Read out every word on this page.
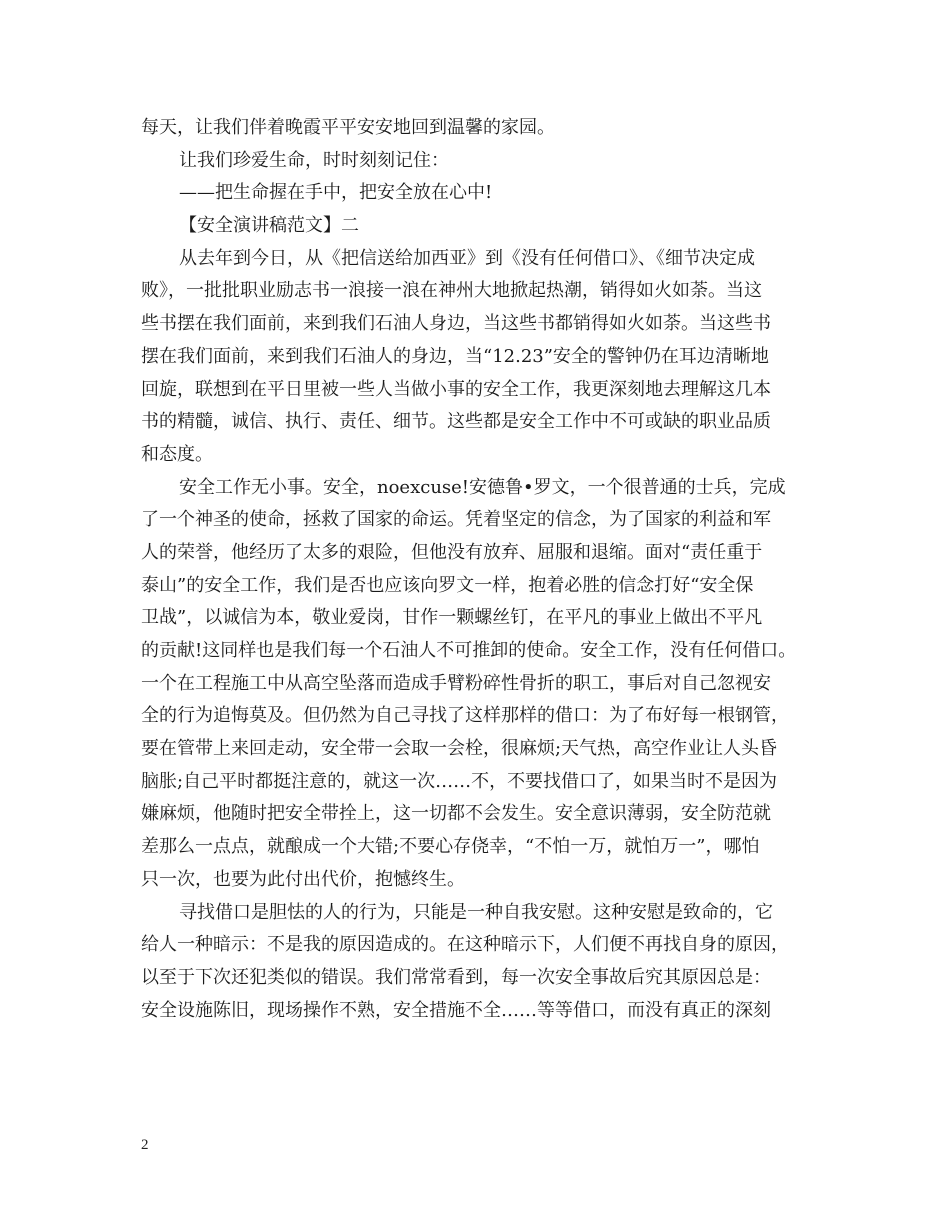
每天，让我们伴着晚霞平平安安地回到温馨的家园。
让我们珍爱生命，时时刻刻记住：
——把生命握在手中，把安全放在心中!
【安全演讲稿范文】二
从去年到今日，从《把信送给加西亚》到《没有任何借口》、《细节决定成
败》，一批批职业励志书一浪接一浪在神州大地掀起热潮，销得如火如荼。当这
些书摆在我们面前，来到我们石油人身边，当这些书都销得如火如荼。当这些书
摆在我们面前，来到我们石油人的身边，当“12.23”安全的警钟仍在耳边清晰地
回旋，联想到在平日里被一些人当做小事的安全工作，我更深刻地去理解这几本
书的精髓，诚信、执行、责任、细节。这些都是安全工作中不可或缺的职业品质
和态度。
安全工作无小事。安全，noexcuse!安德鲁•罗文，一个很普通的士兵，完成
了一个神圣的使命，拯救了国家的命运。凭着坚定的信念，为了国家的利益和军
人的荣誉，他经历了太多的艰险，但他没有放弃、屈服和退缩。面对“责任重于
泰山”的安全工作，我们是否也应该向罗文一样，抱着必胜的信念打好“安全保
卫战”，以诚信为本，敬业爱岗，甘作一颗螺丝钉，在平凡的事业上做出不平凡
的贡献!这同样也是我们每一个石油人不可推卸的使命。安全工作，没有任何借口。
一个在工程施工中从高空坠落而造成手臂粉碎性骨折的职工，事后对自己忽视安
全的行为追悔莫及。但仍然为自己寻找了这样那样的借口：为了布好每一根钢管，
要在管带上来回走动，安全带一会取一会栓，很麻烦;天气热，高空作业让人头昏
脑胀;自己平时都挺注意的，就这一次……不，不要找借口了，如果当时不是因为
嫌麻烦，他随时把安全带拴上，这一切都不会发生。安全意识薄弱，安全防范就
差那么一点点，就酿成一个大错;不要心存侥幸，“不怕一万，就怕万一”，哪怕
只一次，也要为此付出代价，抱憾终生。
寻找借口是胆怯的人的行为，只能是一种自我安慰。这种安慰是致命的，它
给人一种暗示：不是我的原因造成的。在这种暗示下，人们便不再找自身的原因，
以至于下次还犯类似的错误。我们常常看到，每一次安全事故后究其原因总是：
安全设施陈旧，现场操作不熟，安全措施不全……等等借口，而没有真正的深刻
2
